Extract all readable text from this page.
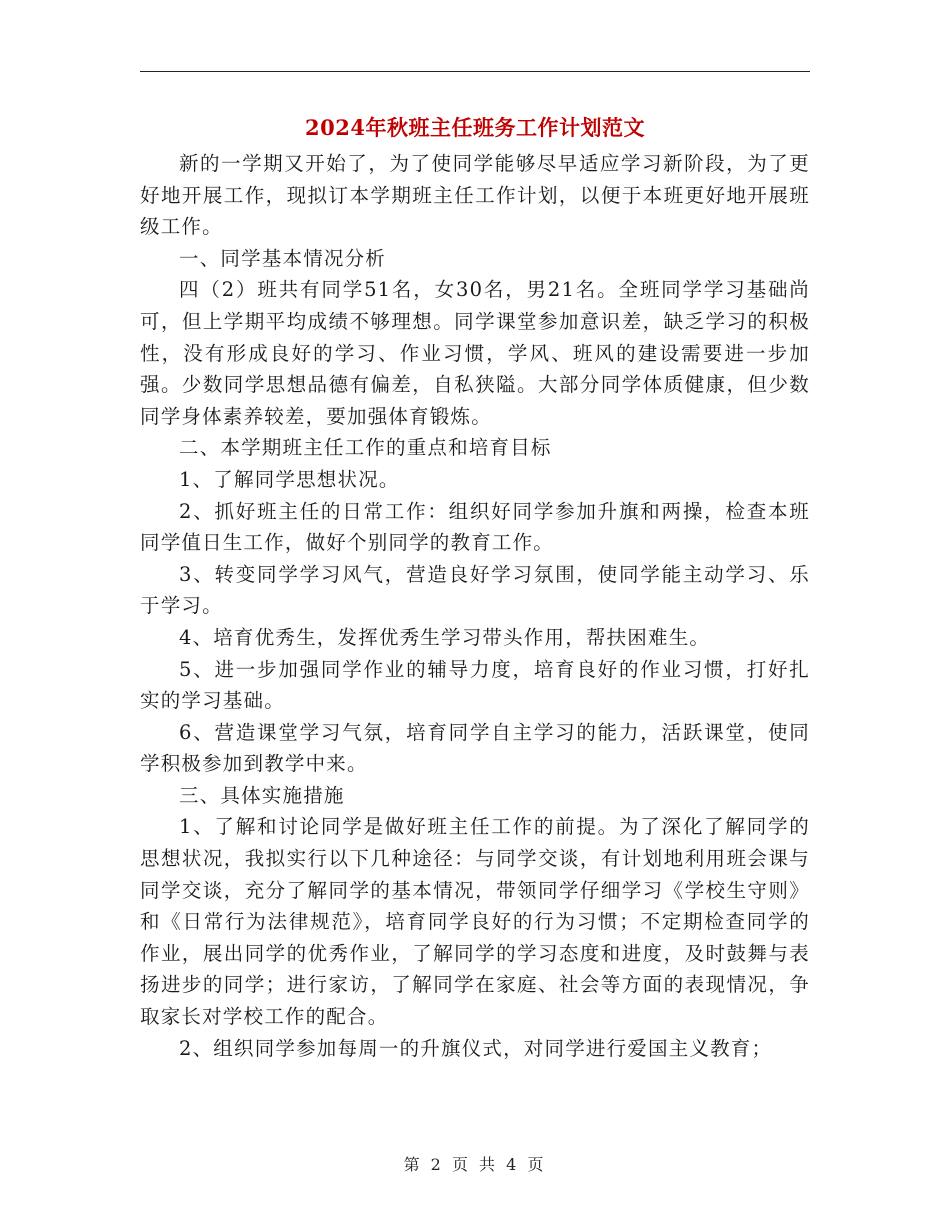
2024年秋班主任班务工作计划范文

新的一学期又开始了，为了使同学能够尽早适应学习新阶段，为了更好地开展工作，现拟订本学期班主任工作计划，以便于本班更好地开展班级工作。

一、同学基本情况分析

四（2）班共有同学51名，女30名，男21名。全班同学学习基础尚可，但上学期平均成绩不够理想。同学课堂参加意识差，缺乏学习的积极性，没有形成良好的学习、作业习惯，学风、班风的建设需要进一步加强。少数同学思想品德有偏差，自私狭隘。大部分同学体质健康，但少数同学身体素养较差，要加强体育锻炼。

二、本学期班主任工作的重点和培育目标

1、了解同学思想状况。

2、抓好班主任的日常工作：组织好同学参加升旗和两操，检查本班同学值日生工作，做好个别同学的教育工作。

3、转变同学学习风气，营造良好学习氛围，使同学能主动学习、乐于学习。

4、培育优秀生，发挥优秀生学习带头作用，帮扶困难生。

5、进一步加强同学作业的辅导力度，培育良好的作业习惯，打好扎实的学习基础。

6、营造课堂学习气氛，培育同学自主学习的能力，活跃课堂，使同学积极参加到教学中来。

三、具体实施措施

1、了解和讨论同学是做好班主任工作的前提。为了深化了解同学的思想状况，我拟实行以下几种途径：与同学交谈，有计划地利用班会课与同学交谈，充分了解同学的基本情况，带领同学仔细学习《学校生守则》和《日常行为法律规范》，培育同学良好的行为习惯；不定期检查同学的作业，展出同学的优秀作业，了解同学的学习态度和进度，及时鼓舞与表扬进步的同学；进行家访，了解同学在家庭、社会等方面的表现情况，争取家长对学校工作的配合。

2、组织同学参加每周一的升旗仪式，对同学进行爱国主义教育；

第 2 页 共 4 页
